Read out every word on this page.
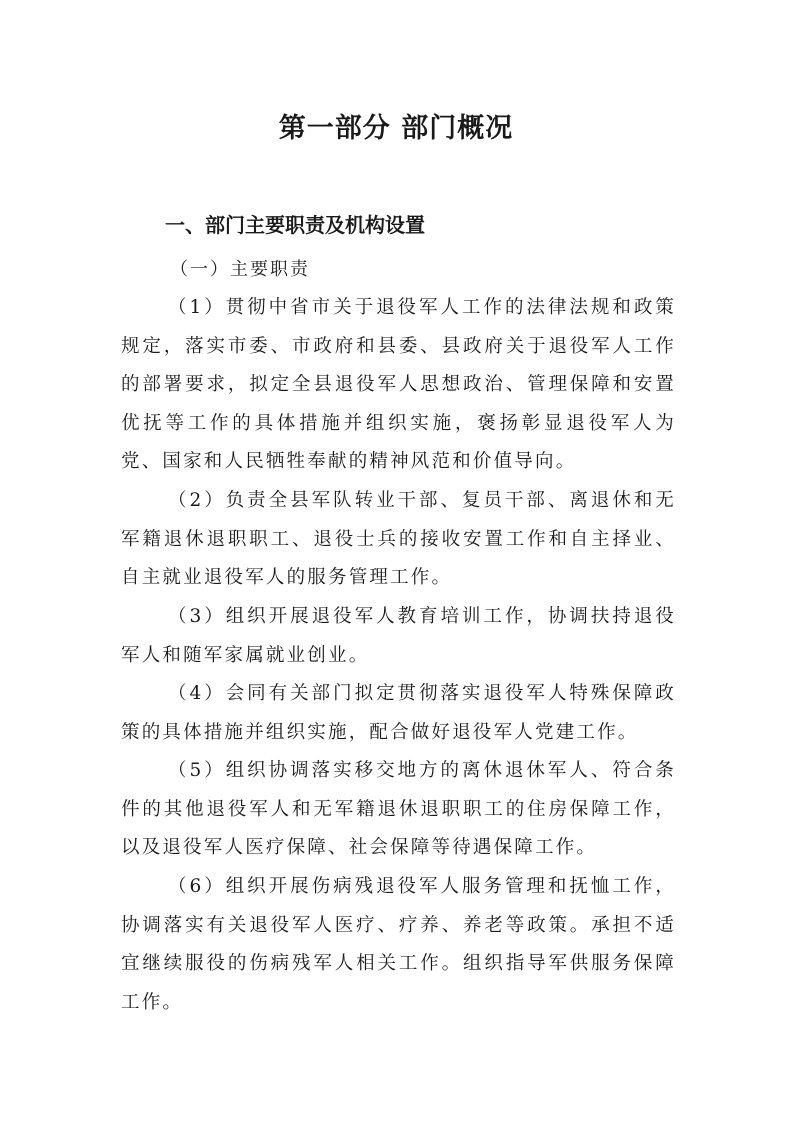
第一部分 部门概况
一、部门主要职责及机构设置
（一）主要职责

（1）贯彻中省市关于退役军人工作的法律法规和政策规定，落实市委、市政府和县委、县政府关于退役军人工作的部署要求，拟定全县退役军人思想政治、管理保障和安置优抚等工作的具体措施并组织实施，褒扬彰显退役军人为党、国家和人民牺牲奉献的精神风范和价值导向。

（2）负责全县军队转业干部、复员干部、离退休和无军籍退休退职职工、退役士兵的接收安置工作和自主择业、自主就业退役军人的服务管理工作。

（3）组织开展退役军人教育培训工作，协调扶持退役军人和随军家属就业创业。

（4）会同有关部门拟定贯彻落实退役军人特殊保障政策的具体措施并组织实施，配合做好退役军人党建工作。

（5）组织协调落实移交地方的离休退休军人、符合条件的其他退役军人和无军籍退休退职职工的住房保障工作，以及退役军人医疗保障、社会保障等待遇保障工作。

（6）组织开展伤病残退役军人服务管理和抚恤工作，协调落实有关退役军人医疗、疗养、养老等政策。承担不适宜继续服役的伤病残军人相关工作。组织指导军供服务保障工作。
